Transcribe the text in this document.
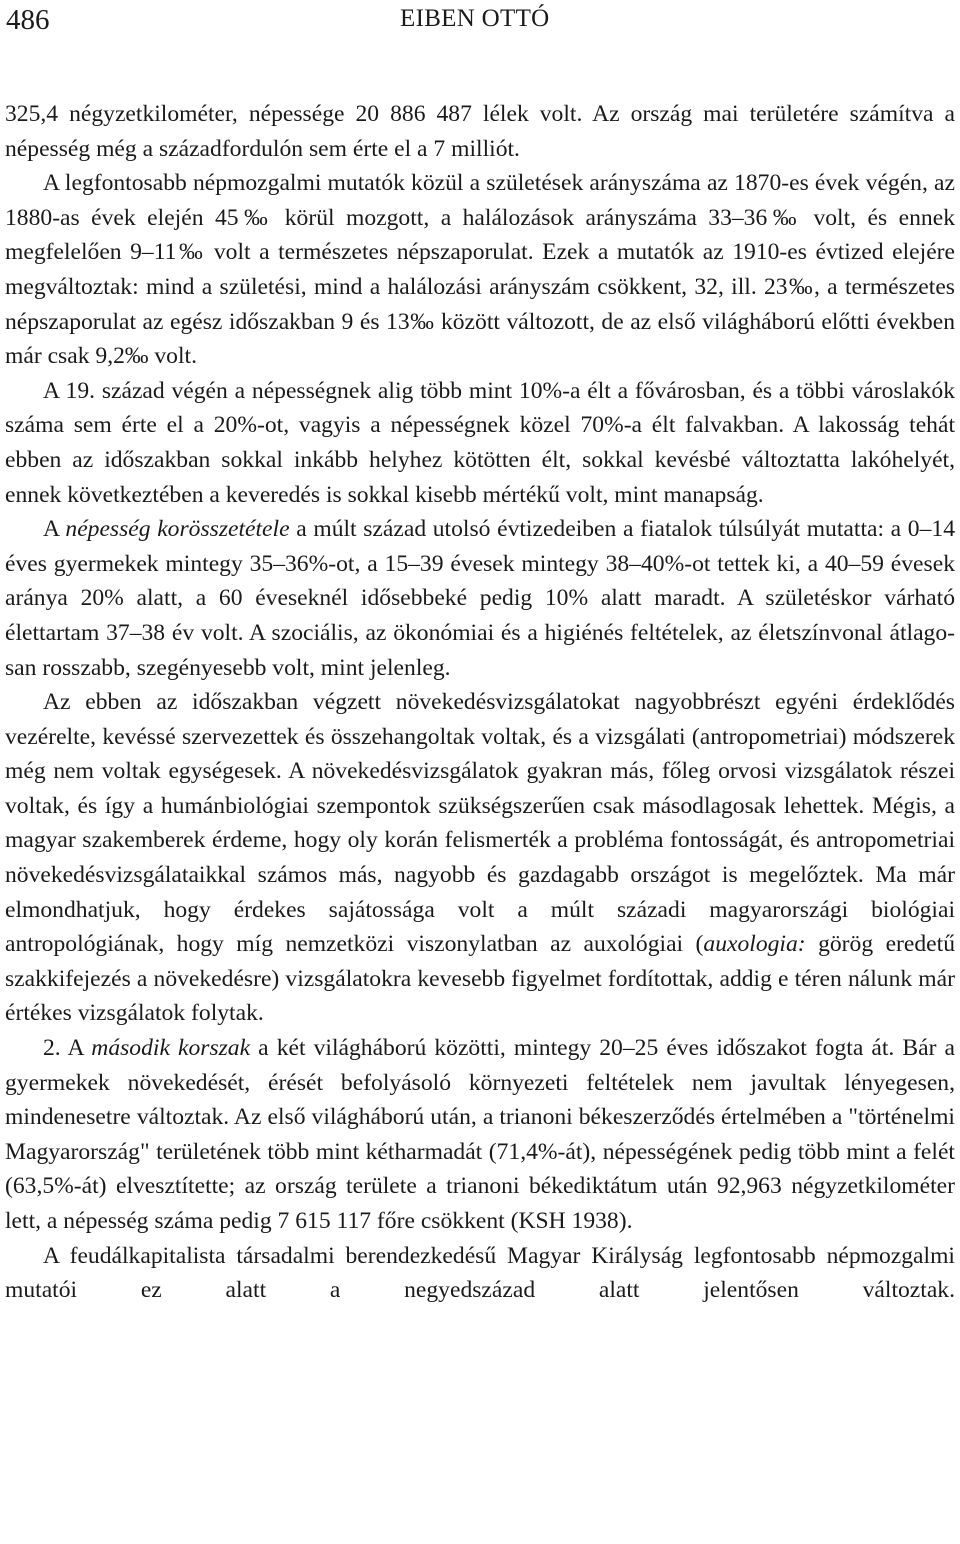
486	EIBEN OTTÓ

325,4 négyzetkilométer, népessége 20 886 487 lélek volt. Az ország mai területére számítva a népesség még a századfordulón sem érte el a 7 milliót.

A legfontosabb népmozgalmi mutatók közül a születések arányszáma az 1870-es évek végén, az 1880-as évek elején 45‰ körül mozgott, a halálozások arányszáma 33–36‰ volt, és ennek megfelelően 9–11‰ volt a természetes népszaporulat. Ezek a mutatók az 1910-es évtized elejére megváltoztak: mind a születési, mind a halálozási arányszám csökkent, 32, ill. 23‰, a természetes népszaporulat az egész időszakban 9 és 13‰ között változott, de az első világháború előtti években már csak 9,2‰ volt.

A 19. század végén a népességnek alig több mint 10%-a élt a fővárosban, és a többi városlakók száma sem érte el a 20%-ot, vagyis a népességnek közel 70%-a élt falvakban. A lakosság tehát ebben az időszakban sokkal inkább helyhez kötötten élt, sokkal kevésbé változtatta lakóhelyét, ennek következtében a keveredés is sokkal kisebb mértékű volt, mint manapság.

A népesség korösszetétele a múlt század utolsó évtizedeiben a fiatalok túlsúlyát mutatta: a 0–14 éves gyermekek mintegy 35–36%-ot, a 15–39 évesek mintegy 38–40%-ot tettek ki, a 40–59 évesek aránya 20% alatt, a 60 éveseknél idősebbeké pedig 10% alatt maradt. A születéskor várható élettartam 37–38 év volt. A szociális, az ökonómiai és a higiénés feltételek, az életszínvonal átlagosan rosszabb, szegényesebb volt, mint jelenleg.

Az ebben az időszakban végzett növekedésvizsgálatokat nagyobbrészt egyéni érdeklődés vezérelte, kevéssé szervezettek és összehangoltak voltak, és a vizsgálati (antropometriai) módszerek még nem voltak egységesek. A növekedésvizsgálatok gyakran más, főleg orvosi vizsgálatok részei voltak, és így a humánbiológiai szempontok szükségszerűen csak másodlagosak lehettek. Mégis, a magyar szakemberek érdeme, hogy oly korán felismerték a probléma fontosságát, és antropometriai növekedésvizsgálataikkal számos más, nagyobb és gazdagabb országot is megelőztek. Ma már elmondhatjuk, hogy érdekes sajátossága volt a múlt századi magyarországi biológiai antropológiának, hogy míg nemzetközi viszonylatban az auxológiai (auxologia: görög eredetű szakkifejezés a növekedésre) vizsgálatokra kevesebb figyelmet fordítottak, addig e téren nálunk már értékes vizsgálatok folytak.

2. A második korszak a két világháború közötti, mintegy 20–25 éves időszakot fogta át. Bár a gyermekek növekedését, érését befolyásoló környezeti feltételek nem javultak lényegesen, mindenesetre változtak. Az első világháború után, a trianoni békeszerződés értelmében a "történelmi Magyarország" területének több mint kétharmadát (71,4%-át), népességének pedig több mint a felét (63,5%-át) elvesztítette; az ország területe a trianoni békediktátum után 92,963 négyzetkilométer lett, a népesség száma pedig 7 615 117 főre csökkent (KSH 1938).

A feudálkapitalista társadalmi berendezkedésű Magyar Királyság legfontosabb népmozgalmi mutatói ez alatt a negyedszázad alatt jelentősen változtak.
